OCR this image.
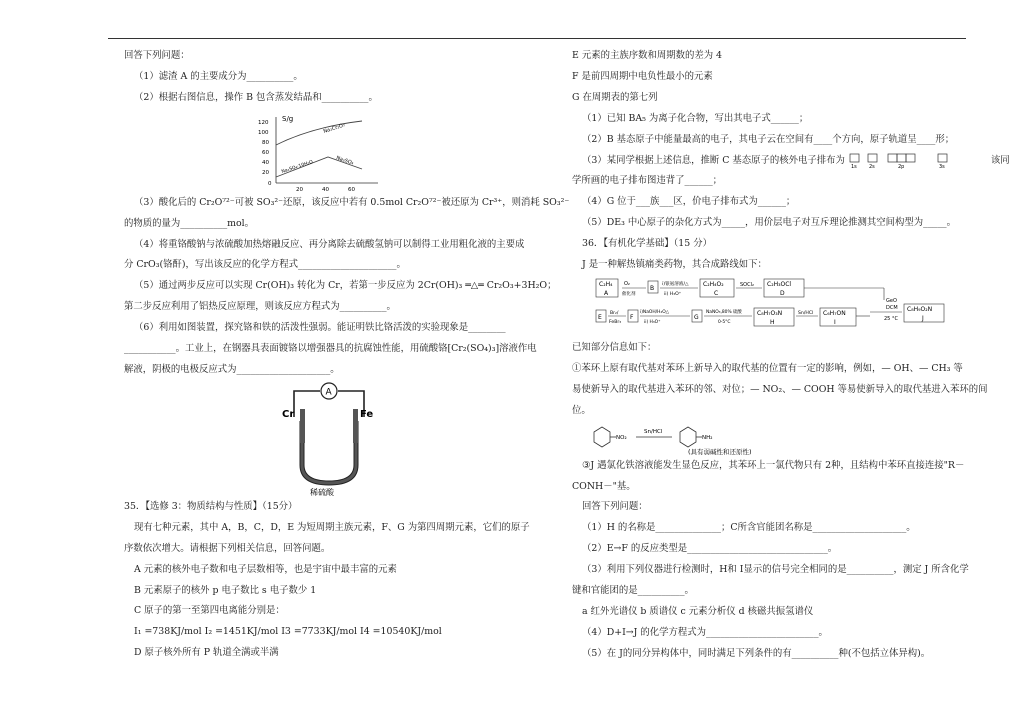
回答下列问题：
（1）滤渣 A 的主要成分为__________。
（2）根据右图信息，操作 B 包含蒸发结晶和__________。
S/g
120
100
80
60
40
20
0
20	40	60
Na₂Cr₂O₇
Na₂SO₄
Na₂SO₄·10H₂O
（3）酸化后的 Cr₂O⁷²⁻可被 SO₃²⁻还原，该反应中若有 0.5mol Cr₂O⁷²⁻被还原为 Cr³⁺，则消耗 SO₃²⁻
的物质的量为__________mol。
（4）将重铬酸钠与浓硫酸加热熔融反应、再分离除去硫酸氢钠可以制得工业用粗化液的主要成
分 CrO₃(铬酐)，写出该反应的化学方程式_____________________。
（5）通过两步反应可以实现 Cr(OH)₃ 转化为 Cr，若第一步反应为 2Cr(OH)₃ ═△═ Cr₂O₃+3H₂O；
第二步反应利用了铝热反应原理，则该反应方程式为__________。
（6）利用如图装置，探究铬和铁的活泼性强弱。能证明铁比铬活泼的实验现象是________
___________。工业上，在钢器具表面镀铬以增强器具的抗腐蚀性能，用硫酸铬[Cr₂(SO₄)₃]溶液作电
解液，阴极的电极反应式为____________________。
A
Cr	Fe
稀硫酸
35．【选修 3：物质结构与性质】（15分）
现有七种元素，其中 A，B，C，D，E 为短周期主族元素，F、G 为第四周期元素，它们的原子
序数依次增大。请根据下列相关信息，回答问题。
A 元素的核外电子数和电子层数相等，也是宇宙中最丰富的元素
B 元素原子的核外 p 电子数比 s 电子数少 1
C 原子的第一至第四电离能分别是：
I₁ =738KJ/mol I₂ =1451KJ/mol I3 =7733KJ/mol I4 =10540KJ/mol
D 原子核外所有 P 轨道全满或半满
E 元素的主族序数和周期数的差为 4
F 是前四周期中电负性最小的元素
G 在周期表的第七列
（1）已知 BA₅ 为离子化合物，写出其电子式______；
（2）B 基态原子中能量最高的电子，其电子云在空间有____个方向，原子轨道呈____形；
（3）某同学根据上述信息，推断 C 基态原子的核外电子排布为
1s 2s	2p	3s
该同
学所画的电子排布图违背了______；
（4）G 位于___族___区，价电子排布式为______；
（5）DE₃ 中心原子的杂化方式为_____，用价层电子对互斥理论推测其空间构型为_____。
36．【有机化学基础】（15 分）
J 是一种解热镇痛类药物，其合成路线如下：
C₂H₄
A
O₂
催化剂
B
i)银氨溶液/△
ii) H₃O⁺
C₂H₄O₂
C
SOCl₂ C₂H₃OCl
D
GeO
DCM
25 °C
C₈H₉O₂N
J
E
Br₂/
FeBr₃
F
i)NaOH/H₂O△
ii) H₃O⁺
G
NaNO₃,80% 硫酸
0-5°C
C₈H₇O₃N
H
Sn/HCl C₆H₇ON
I
已知部分信息如下：
①苯环上原有取代基对苯环上新导入的取代基的位置有一定的影响，例如，— OH、— CH₃ 等
易使新导入的取代基进入苯环的邻、对位；— NO₂、— COOH 等易使新导入的取代基进入苯环的间
位。
NO₂
Sn/HCl
NH₂
(具有弱碱性和还原性)
③J 遇氯化铁溶液能发生显色反应，其苯环上一氯代物只有 2种，且结构中苯环直接连接"R－
CONH－"基。
回答下列问题：
（1）H 的名称是______________；C所含官能团名称是____________________。
（2）E→F 的反应类型是______________________________。
（3）利用下列仪器进行检测时，H和 I显示的信号完全相同的是__________，测定 J 所含化学
键和官能团的是__________。
a 红外光谱仪 b 质谱仪 c 元素分析仪 d 核磁共振氢谱仪
（4）D+I→J 的化学方程式为________________________。
（5）在 J的同分异构体中，同时满足下列条件的有__________种(不包括立体异构)。
